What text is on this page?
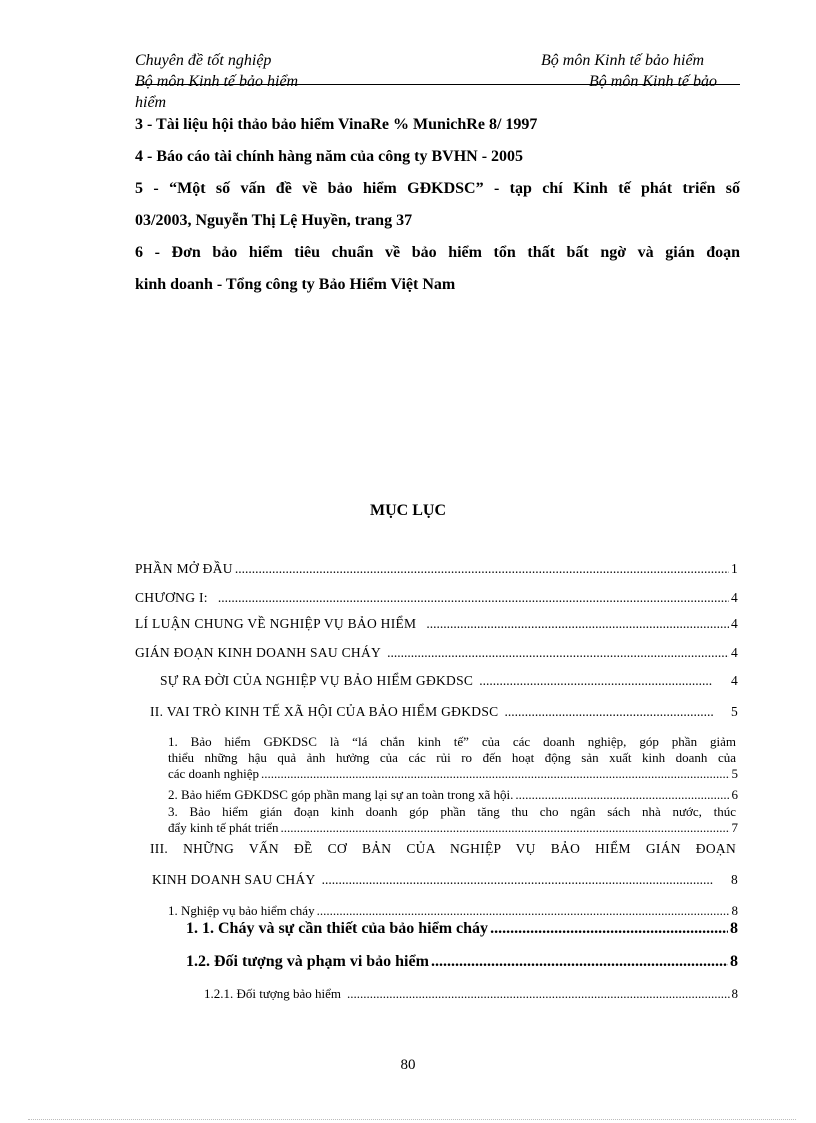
Chuyên đề tốt nghiệp	Bộ môn Kinh tế bảo hiểm
Bộ môn Kinh tế bảo hiểm	Bộ môn Kinh tế bảo
hiểm
3 - Tài liệu hội thảo bảo hiểm VinaRe % MunichRe 8/ 1997
4 - Báo cáo tài chính hàng năm của công ty BVHN - 2005
5 - “Một số vấn đề về bảo hiểm GĐKDSC” - tạp chí Kinh tế phát triển số
03/2003, Nguyễn Thị Lệ Huyền, trang 37
6 - Đơn bảo hiểm tiêu chuẩn về bảo hiểm tổn thất bất ngờ và gián đoạn
kinh doanh - Tổng công ty Bảo Hiểm Việt Nam
MỤC LỤC
PHẦN MỞ ĐẦU .....	1
CHƯƠNG I: .....	4
LÍ LUẬN CHUNG VỀ NGHIỆP VỤ BẢO HIỂM .....	4
GIÁN ĐOẠN KINH DOANH SAU CHÁY .....	4
SỰ RA ĐỜI CỦA NGHIỆP VỤ BẢO HIỂM GĐKDSC .....	4
II. VAI TRÒ KINH TẾ XÃ HỘI CỦA BẢO HIỂM GĐKDSC .....	5
1. Bảo hiểm GĐKDSC là “lá chắn kinh tế” của các doanh nghiệp, góp phần giảm
thiểu những hậu quả ảnh hưởng của các rủi ro đến hoạt động sản xuất kinh doanh của
các doanh nghiệp .....	5
2. Bảo hiểm GĐKDSC góp phần mang lại sự an toàn trong xã hội. .....	6
3. Bảo hiểm gián đoạn kinh doanh góp phần tăng thu cho ngân sách nhà nước, thúc
đẩy kinh tế phát triển .....	7
III. NHỮNG VẤN ĐỀ CƠ BẢN CỦA NGHIỆP VỤ BẢO HIỂM GIÁN ĐOẠN
KINH DOANH SAU CHÁY .....	8
1. Nghiệp vụ bảo hiểm cháy .....	8
1. 1. Cháy và sự cần thiết của bảo hiểm cháy .....	8
1.2. Đối tượng và phạm vi bảo hiểm .....	8
1.2.1. Đối tượng bảo hiểm .....	8
80
